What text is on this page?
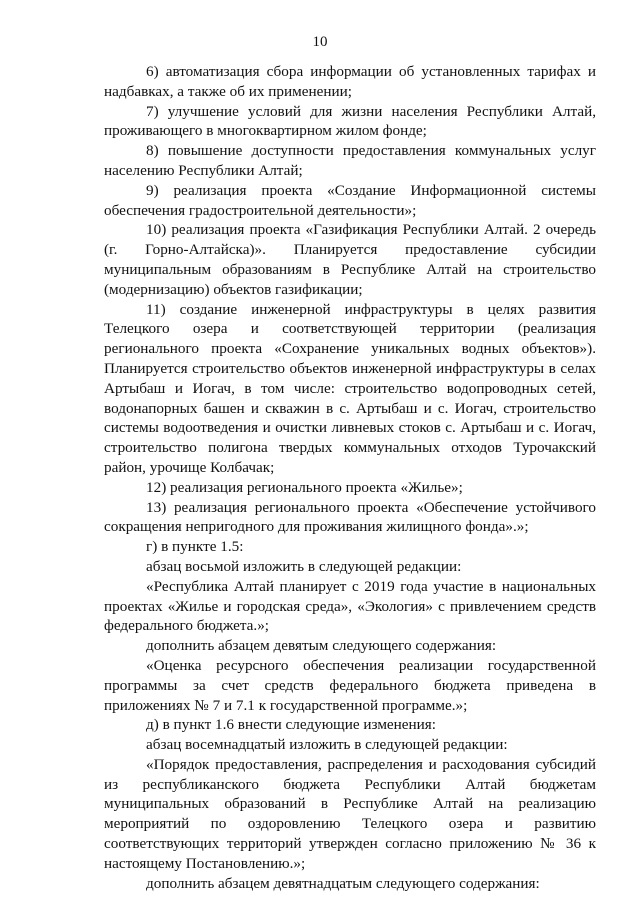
10

6) автоматизация сбора информации об установленных тарифах и надбавках, а также об их применении;

7) улучшение условий для жизни населения Республики Алтай, проживающего в многоквартирном жилом фонде;

8) повышение доступности предоставления коммунальных услуг населению Республики Алтай;

9) реализация проекта «Создание Информационной системы обеспечения градостроительной деятельности»;

10) реализация проекта «Газификация Республики Алтай. 2 очередь (г. Горно-Алтайска)». Планируется предоставление субсидии муниципальным образованиям в Республике Алтай на строительство (модернизацию) объектов газификации;

11) создание инженерной инфраструктуры в целях развития Телецкого озера и соответствующей территории (реализация регионального проекта «Сохранение уникальных водных объектов»). Планируется строительство объектов инженерной инфраструктуры в селах Артыбаш и Иогач, в том числе: строительство водопроводных сетей, водонапорных башен и скважин в с. Артыбаш и с. Иогач, строительство системы водоотведения и очистки ливневых стоков с. Артыбаш и с. Иогач, строительство полигона твердых коммунальных отходов Турочакский район, урочище Колбачак;

12) реализация регионального проекта «Жилье»;

13) реализация регионального проекта «Обеспечение устойчивого сокращения непригодного для проживания жилищного фонда».»;

г) в пункте 1.5:

абзац восьмой изложить в следующей редакции:

«Республика Алтай планирует с 2019 года участие в национальных проектах «Жилье и городская среда», «Экология» с привлечением средств федерального бюджета.»;

дополнить абзацем девятым следующего содержания:

«Оценка ресурсного обеспечения реализации государственной программы за счет средств федерального бюджета приведена в приложениях № 7 и 7.1 к государственной программе.»;

д) в пункт 1.6 внести следующие изменения:

абзац восемнадцатый изложить в следующей редакции:

«Порядок предоставления, распределения и расходования субсидий из республиканского бюджета Республики Алтай бюджетам муниципальных образований в Республике Алтай на реализацию мероприятий по оздоровлению Телецкого озера и развитию соответствующих территорий утвержден согласно приложению № 36 к настоящему Постановлению.»;

дополнить абзацем девятнадцатым следующего содержания:
